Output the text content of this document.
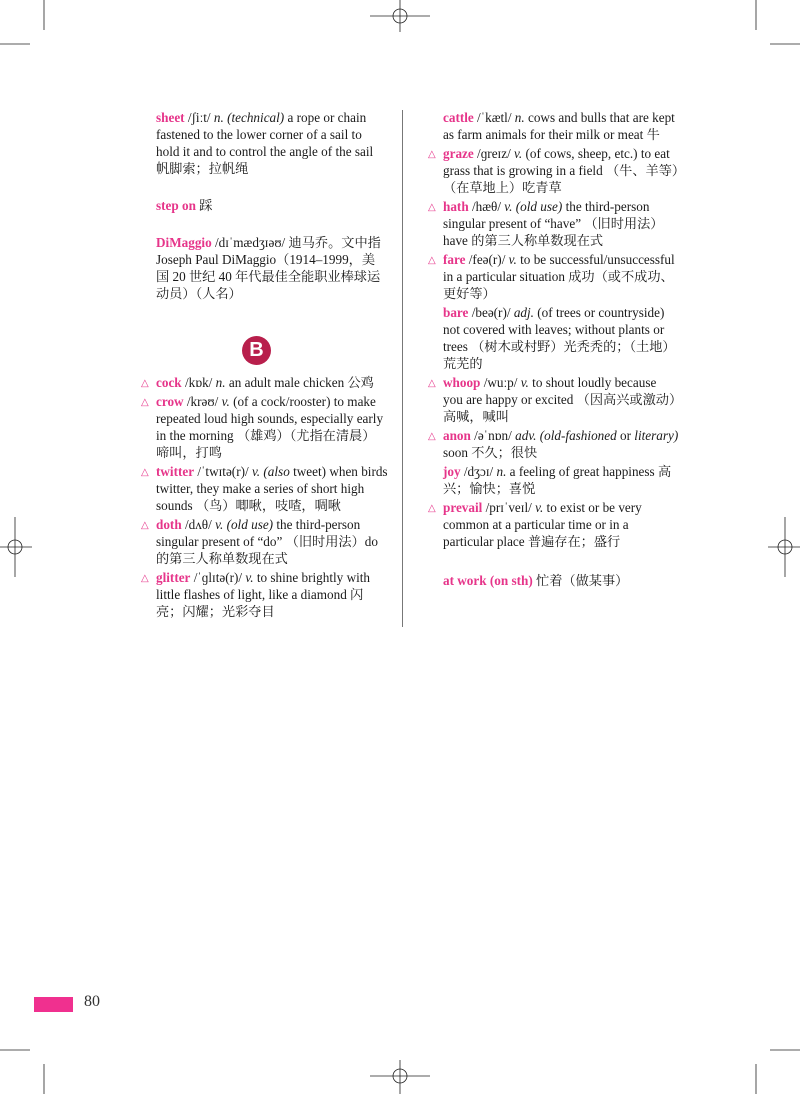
sheet /ʃiːt/ n. (technical) a rope or chain fastened to the lower corner of a sail to hold it and to control the angle of the sail 帆脚索；拉帆绳

step on 踩

DiMaggio /dɪˈmædʒɪəʊ/ 迪马乔。文中指 Joseph Paul DiMaggio（1914–1999，美国 20 世纪 40 年代最佳全能职业棒球运动员）（人名）

△ cock /kɒk/ n. an adult male chicken 公鸡

△ crow /krəʊ/ v. (of a cock/rooster) to make repeated loud high sounds, especially early in the morning （雄鸡）（尤指在清晨）啼叫，打鸣

△ twitter /ˈtwɪtə(r)/ v. (also tweet) when birds twitter, they make a series of short high sounds （鸟）唧啾，吱喳，啁啾

△ doth /dʌθ/ v. (old use) the third-person singular present of “do” （旧时用法）do 的第三人称单数现在式

△ glitter /ˈɡlɪtə(r)/ v. to shine brightly with little flashes of light, like a diamond 闪亮；闪耀；光彩夺目

B

cattle /ˈkætl/ n. cows and bulls that are kept as farm animals for their milk or meat 牛

△ graze /ɡreɪz/ v. (of cows, sheep, etc.) to eat grass that is growing in a field （牛、羊等）（在草地上）吃青草

△ hath /hæθ/ v. (old use) the third-person singular present of “have” （旧时用法）have 的第三人称单数现在式

△ fare /feə(r)/ v. to be successful/unsuccessful in a particular situation 成功（或不成功、更好等）

bare /beə(r)/ adj. (of trees or countryside) not covered with leaves; without plants or trees （树木或村野）光秃秃的；（土地）荒芜的

△ whoop /wuːp/ v. to shout loudly because you are happy or excited （因高兴或激动）高喊，喊叫

△ anon /əˈnɒn/ adv. (old-fashioned or literary) soon 不久；很快

joy /dʒɔɪ/ n. a feeling of great happiness 高兴；愉快；喜悦

△ prevail /prɪˈveɪl/ v. to exist or be very common at a particular time or in a particular place 普遍存在；盛行

at work (on sth) 忙着（做某事）

80
